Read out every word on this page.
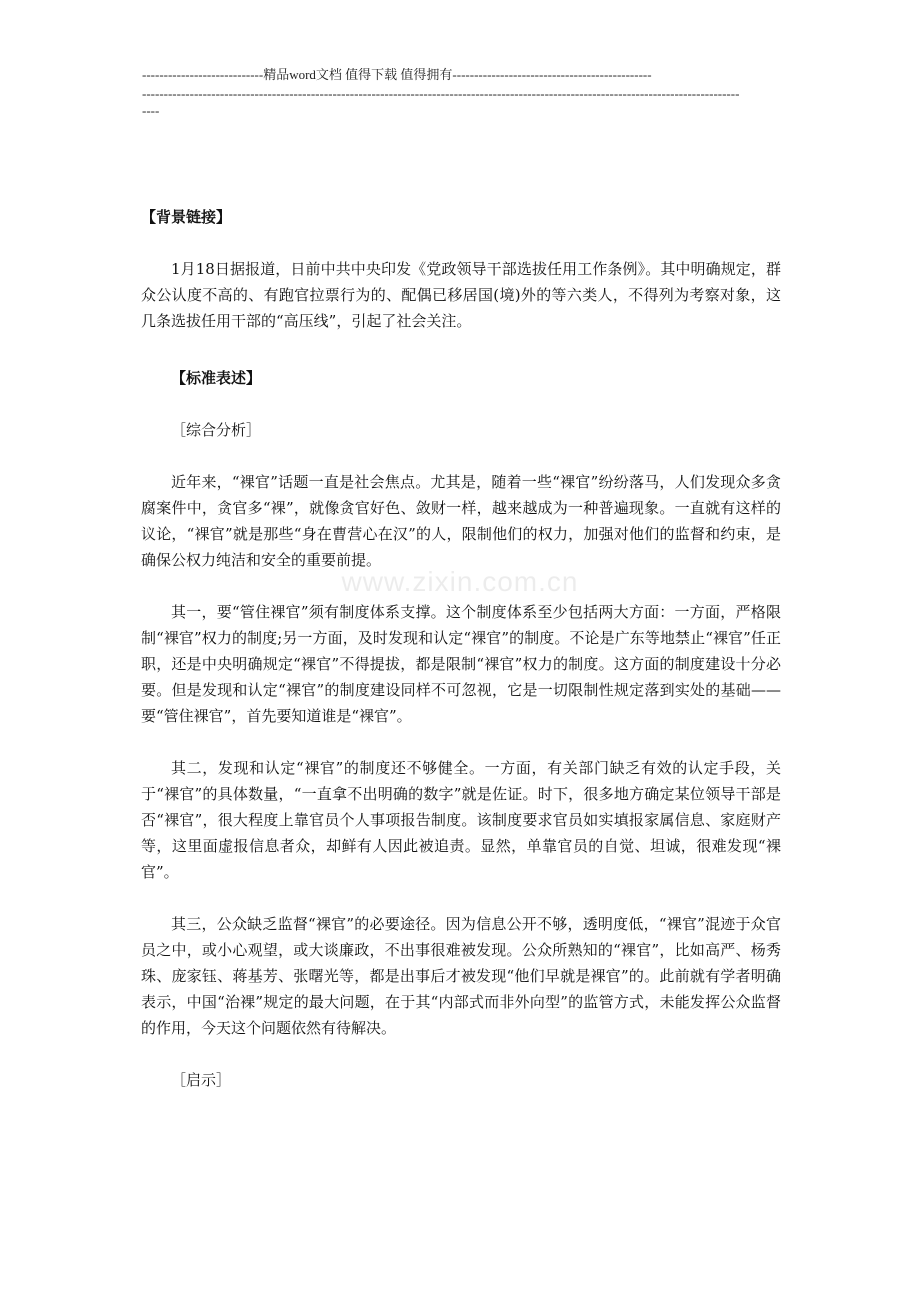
----------------------------精品word文档 值得下载 值得拥有----------------------------------------------
------------------------------------------------------------------------------------------------------------------------------------------
----
www.zixin.com.cn

【背景链接】

1月18日据报道，日前中共中央印发《党政领导干部选拔任用工作条例》。其中明确规定，群众公认度不高的、有跑官拉票行为的、配偶已移居国(境)外的等六类人，不得列为考察对象，这几条选拔任用干部的“高压线”，引起了社会关注。

【标准表述】

［综合分析］

近年来，“裸官”话题一直是社会焦点。尤其是，随着一些“裸官”纷纷落马，人们发现众多贪腐案件中，贪官多“裸”，就像贪官好色、敛财一样，越来越成为一种普遍现象。一直就有这样的议论，“裸官”就是那些“身在曹营心在汉”的人，限制他们的权力，加强对他们的监督和约束，是确保公权力纯洁和安全的重要前提。

其一，要“管住裸官”须有制度体系支撑。这个制度体系至少包括两大方面：一方面，严格限制“裸官”权力的制度;另一方面，及时发现和认定“裸官”的制度。不论是广东等地禁止“裸官”任正职，还是中央明确规定“裸官”不得提拔，都是限制“裸官”权力的制度。这方面的制度建设十分必要。但是发现和认定“裸官”的制度建设同样不可忽视，它是一切限制性规定落到实处的基础——要“管住裸官”，首先要知道谁是“裸官”。

其二，发现和认定“裸官”的制度还不够健全。一方面，有关部门缺乏有效的认定手段，关于“裸官”的具体数量，“一直拿不出明确的数字”就是佐证。时下，很多地方确定某位领导干部是否“裸官”，很大程度上靠官员个人事项报告制度。该制度要求官员如实填报家属信息、家庭财产等，这里面虚报信息者众，却鲜有人因此被追责。显然，单靠官员的自觉、坦诚，很难发现“裸官”。

其三，公众缺乏监督“裸官”的必要途径。因为信息公开不够，透明度低，“裸官”混迹于众官员之中，或小心观望，或大谈廉政，不出事很难被发现。公众所熟知的“裸官”，比如高严、杨秀珠、庞家钰、蒋基芳、张曙光等，都是出事后才被发现“他们早就是裸官”的。此前就有学者明确表示，中国“治裸”规定的最大问题，在于其“内部式而非外向型”的监管方式，未能发挥公众监督的作用，今天这个问题依然有待解决。

［启示］
